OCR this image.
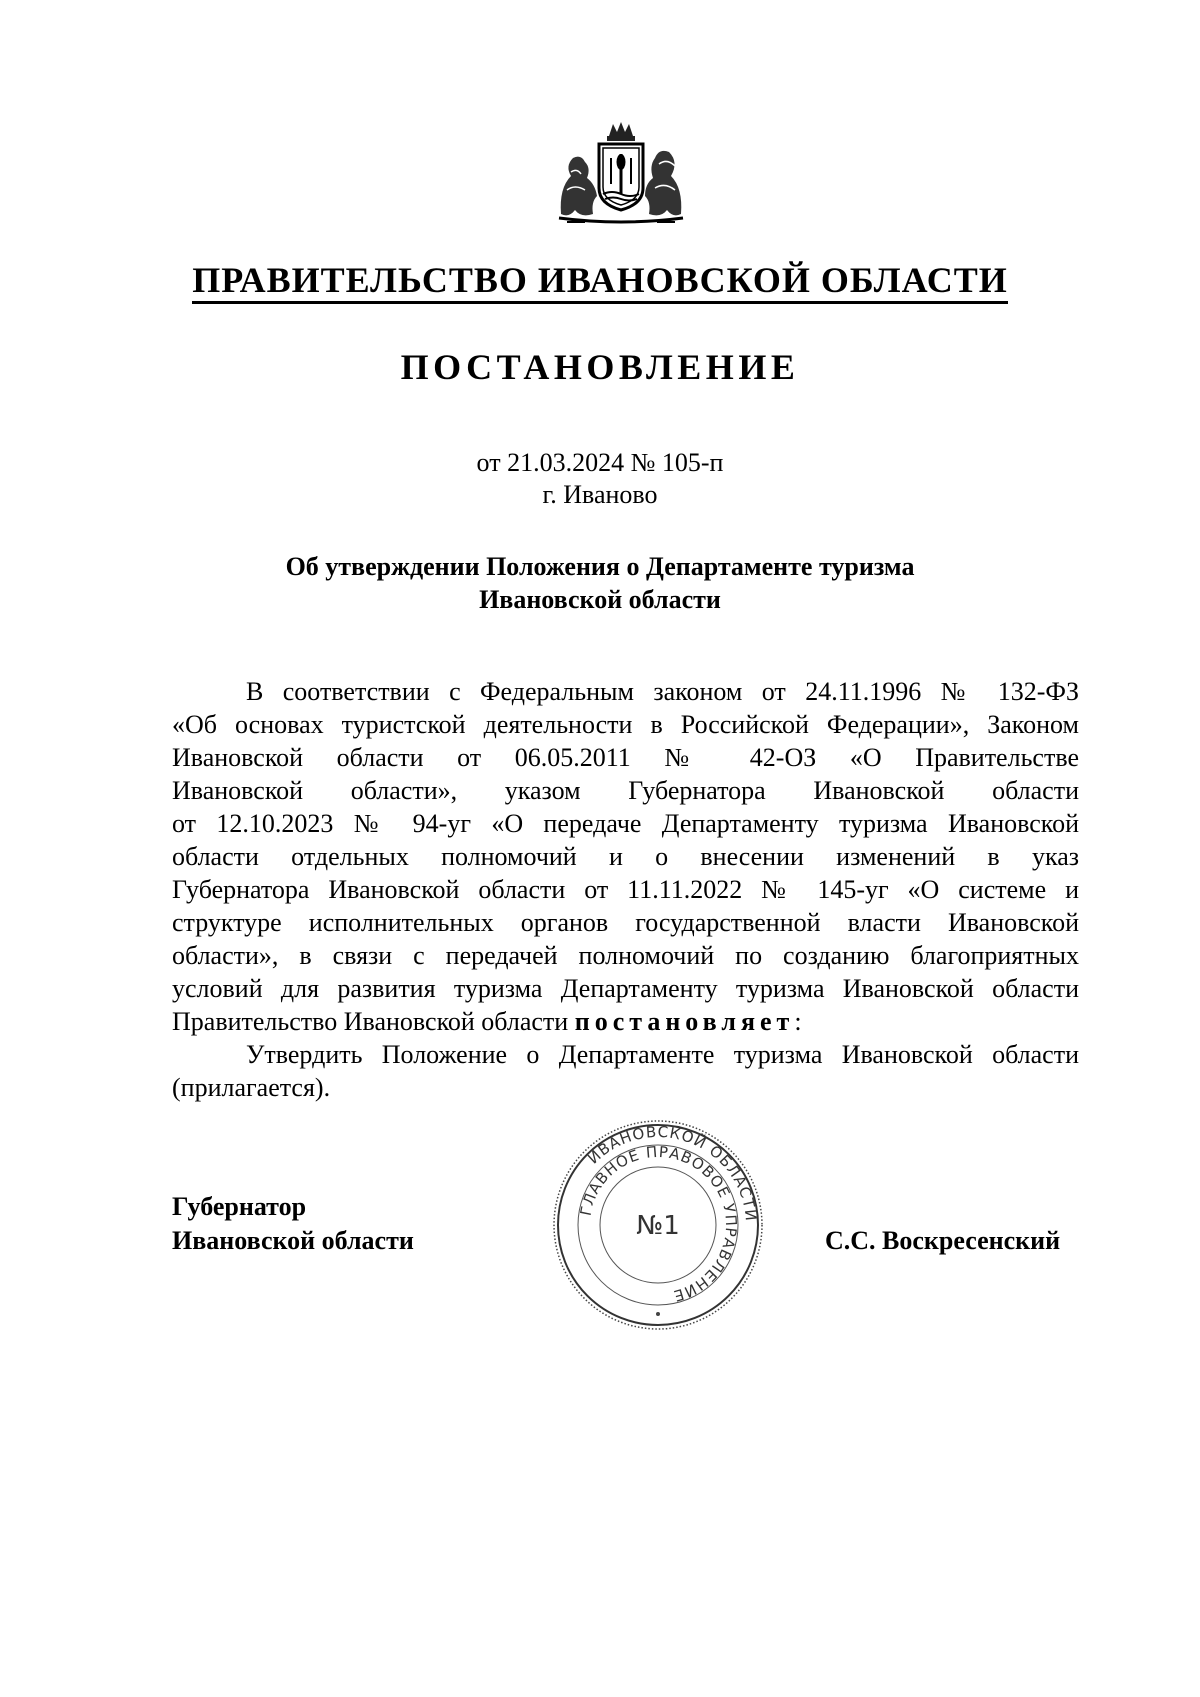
ПРАВИТЕЛЬСТВО ИВАНОВСКОЙ ОБЛАСТИ
ПОСТАНОВЛЕНИЕ
от 21.03.2024 № 105-п
г. Иваново
Об утверждении Положения о Департаменте туризма
Ивановской области
В соответствии с Федеральным законом от 24.11.1996 № 132-ФЗ
«Об основах туристской деятельности в Российской Федерации», Законом
Ивановской области от 06.05.2011 № 42-ОЗ «О Правительстве
Ивановской области», указом Губернатора Ивановской области
от 12.10.2023 № 94-уг «О передаче Департаменту туризма Ивановской
области отдельных полномочий и о внесении изменений в указ
Губернатора Ивановской области от 11.11.2022 № 145-уг «О системе и
структуре исполнительных органов государственной власти Ивановской
области», в связи с передачей полномочий по созданию благоприятных
условий для развития туризма Департаменту туризма Ивановской области
Правительство Ивановской области постановляет:
Утвердить Положение о Департаменте туризма Ивановской области
(прилагается).
Губернатор
Ивановской области
ИВАНОВСКОЙ ОБЛАСТИ
ГЛАВНОЕ ПРАВОВОЕ УПРАВЛЕНИЕ
№1	С.С. Воскресенский
